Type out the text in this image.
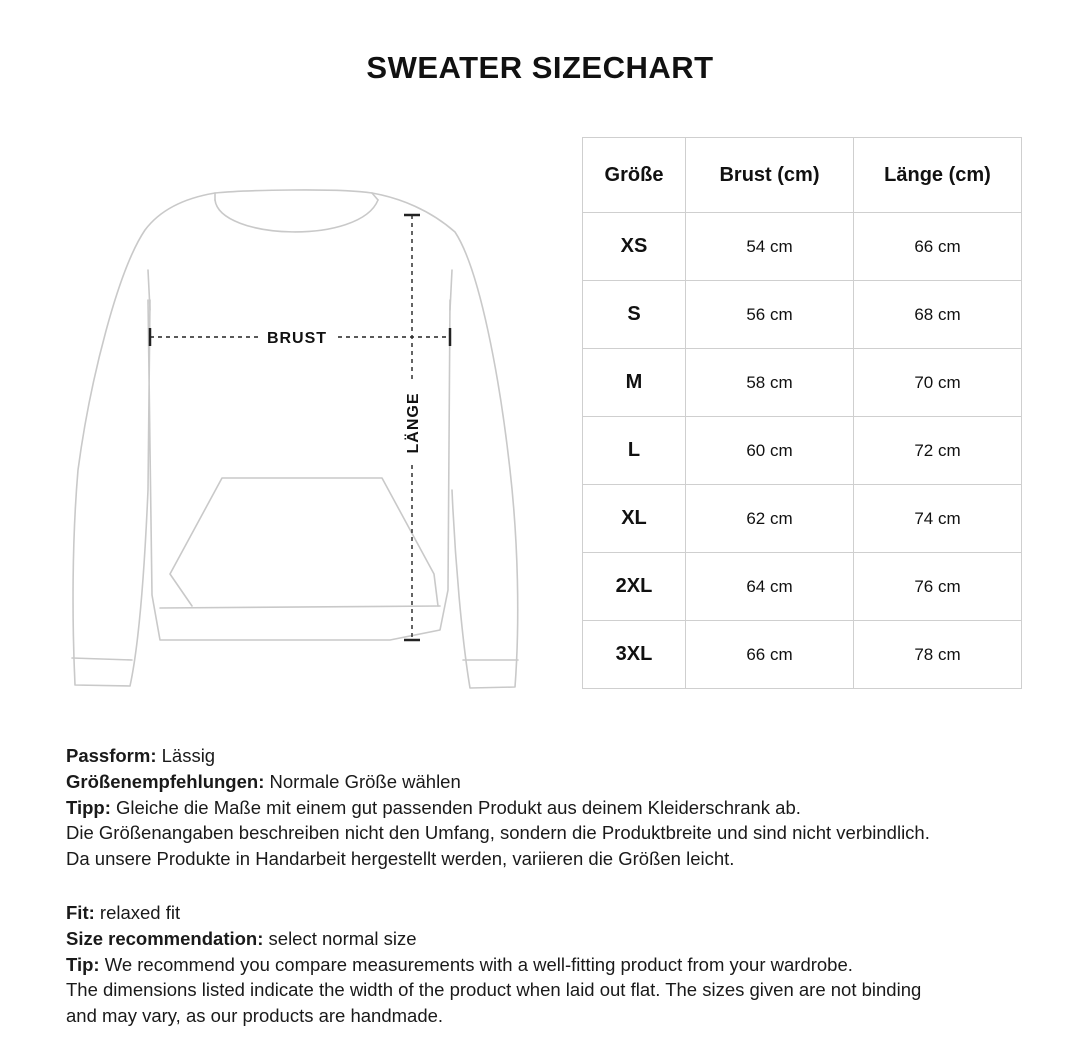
SWEATER SIZECHART
BRUST
LÄNGE
Größe	Brust (cm)	Länge (cm)
XS	54 cm	66 cm
S	56 cm	68 cm
M	58 cm	70 cm
L	60 cm	72 cm
XL	62 cm	74 cm
2XL	64 cm	76 cm
3XL	66 cm	78 cm

Passform: Lässig

Größenempfehlungen: Normale Größe wählen

Tipp: Gleiche die Maße mit einem gut passenden Produkt aus deinem Kleiderschrank ab.

Die Größenangaben beschreiben nicht den Umfang, sondern die Produktbreite und sind nicht verbindlich.

Da unsere Produkte in Handarbeit hergestellt werden, variieren die Größen leicht.

Fit: relaxed fit

Size recommendation: select normal size

Tip: We recommend you compare measurements with a well-fitting product from your wardrobe.

The dimensions listed indicate the width of the product when laid out flat. The sizes given are not binding

and may vary, as our products are handmade.
